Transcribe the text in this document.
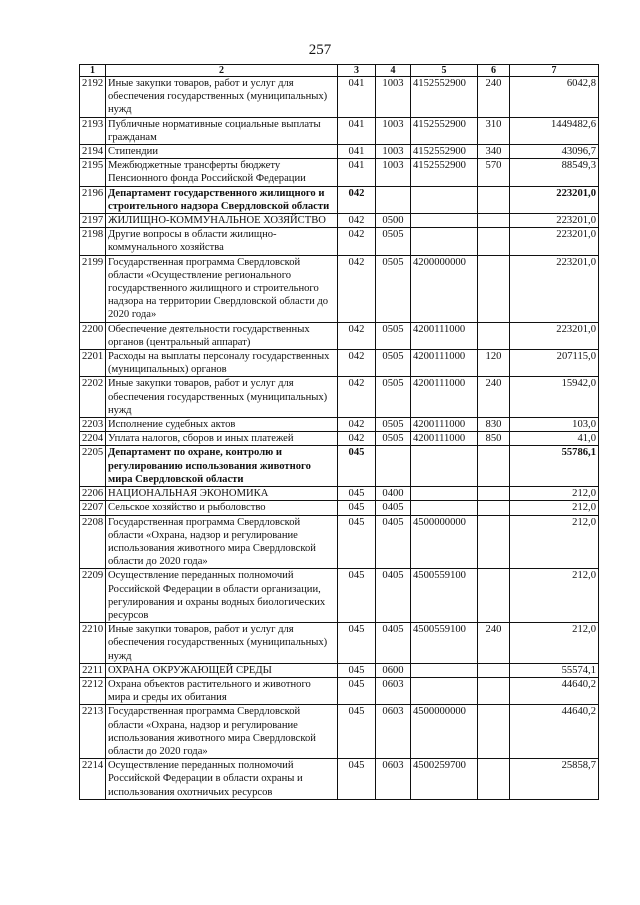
257
1	2	3	4	5	6	7
2192	Иные закупки товаров, работ и услуг для обеспечения государственных (муниципальных) нужд	041	1003	4152552900	240	6042,8
2193	Публичные нормативные социальные выплаты гражданам	041	1003	4152552900	310	1449482,6
2194	Стипендии	041	1003	4152552900	340	43096,7
2195	Межбюджетные трансферты бюджету Пенсионного фонда Российской Федерации	041	1003	4152552900	570	88549,3
2196	Департамент государственного жилищного и строительного надзора Свердловской области	042				223201,0
2197	ЖИЛИЩНО-КОММУНАЛЬНОЕ ХОЗЯЙСТВО	042	0500			223201,0
2198	Другие вопросы в области жилищно-коммунального хозяйства	042	0505			223201,0
2199	Государственная программа Свердловской области «Осуществление регионального государственного жилищного и строительного надзора на территории Свердловской области до 2020 года»	042	0505	4200000000		223201,0
2200	Обеспечение деятельности государственных органов (центральный аппарат)	042	0505	4200111000		223201,0
2201	Расходы на выплаты персоналу государственных (муниципальных) органов	042	0505	4200111000	120	207115,0
2202	Иные закупки товаров, работ и услуг для обеспечения государственных (муниципальных) нужд	042	0505	4200111000	240	15942,0
2203	Исполнение судебных актов	042	0505	4200111000	830	103,0
2204	Уплата налогов, сборов и иных платежей	042	0505	4200111000	850	41,0
2205	Департамент по охране, контролю и регулированию использования животного мира Свердловской области	045				55786,1
2206	НАЦИОНАЛЬНАЯ ЭКОНОМИКА	045	0400			212,0
2207	Сельское хозяйство и рыболовство	045	0405			212,0
2208	Государственная программа Свердловской области «Охрана, надзор и регулирование использования животного мира Свердловской области до 2020 года»	045	0405	4500000000		212,0
2209	Осуществление переданных полномочий Российской Федерации в области организации, регулирования и охраны водных биологических ресурсов	045	0405	4500559100		212,0
2210	Иные закупки товаров, работ и услуг для обеспечения государственных (муниципальных) нужд	045	0405	4500559100	240	212,0
2211	ОХРАНА ОКРУЖАЮЩЕЙ СРЕДЫ	045	0600			55574,1
2212	Охрана объектов растительного и животного мира и среды их обитания	045	0603			44640,2
2213	Государственная программа Свердловской области «Охрана, надзор и регулирование использования животного мира Свердловской области до 2020 года»	045	0603	4500000000		44640,2
2214	Осуществление переданных полномочий Российской Федерации в области охраны и использования охотничьих ресурсов	045	0603	4500259700		25858,7
